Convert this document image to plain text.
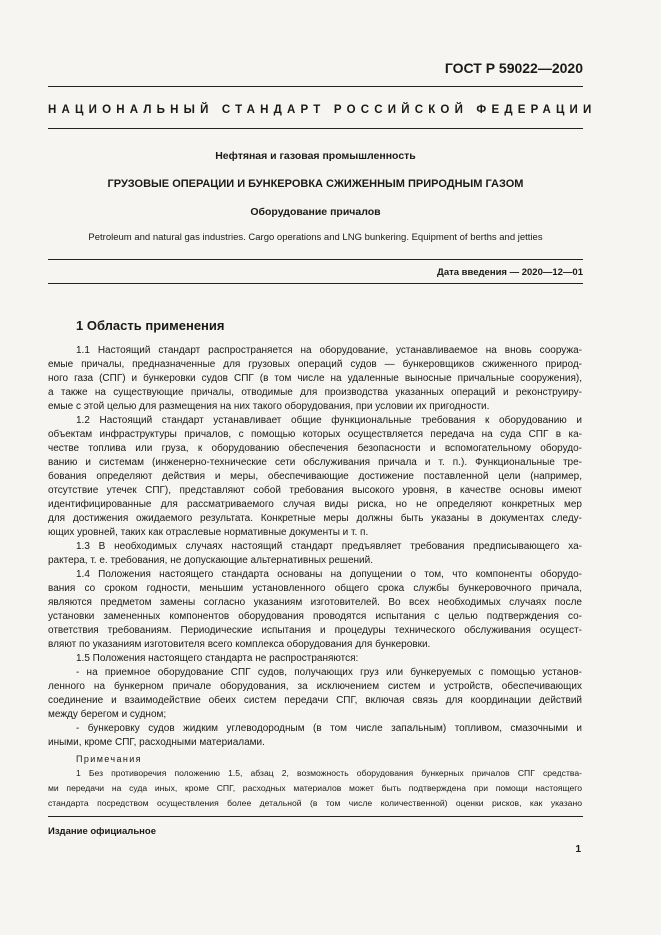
ГОСТ Р 59022—2020
НАЦИОНАЛЬНЫЙ СТАНДАРТ РОССИЙСКОЙ ФЕДЕРАЦИИ
Нефтяная и газовая промышленность
ГРУЗОВЫЕ ОПЕРАЦИИ И БУНКЕРОВКА СЖИЖЕННЫМ ПРИРОДНЫМ ГАЗОМ
Оборудование причалов
Petroleum and natural gas industries. Cargo operations and LNG bunkering. Equipment of berths and jetties
Дата введения — 2020—12—01
1 Область применения
1.1 Настоящий стандарт распространяется на оборудование, устанавливаемое на вновь сооружа-
емые причалы, предназначенные для грузовых операций судов — бункеровщиков сжиженного природ-
ного газа (СПГ) и бункеровки судов СПГ (в том числе на удаленные выносные причальные сооружения),
а также на существующие причалы, отводимые для производства указанных операций и реконструиру-
емые с этой целью для размещения на них такого оборудования, при условии их пригодности.
1.2 Настоящий стандарт устанавливает общие функциональные требования к оборудованию и
объектам инфраструктуры причалов, с помощью которых осуществляется передача на суда СПГ в ка-
честве топлива или груза, к оборудованию обеспечения безопасности и вспомогательному оборудо-
ванию и системам (инженерно-технические сети обслуживания причала и т. п.). Функциональные тре-
бования определяют действия и меры, обеспечивающие достижение поставленной цели (например,
отсутствие утечек СПГ), представляют собой требования высокого уровня, в качестве основы имеют
идентифицированные для рассматриваемого случая виды риска, но не определяют конкретных мер
для достижения ожидаемого результата. Конкретные меры должны быть указаны в документах следу-
ющих уровней, таких как отраслевые нормативные документы и т. п.
1.3 В необходимых случаях настоящий стандарт предъявляет требования предписывающего ха-
рактера, т. е. требования, не допускающие альтернативных решений.
1.4 Положения настоящего стандарта основаны на допущении о том, что компоненты оборудо-
вания со сроком годности, меньшим установленного общего срока службы бункеровочного причала,
являются предметом замены согласно указаниям изготовителей. Во всех необходимых случаях после
установки замененных компонентов оборудования проводятся испытания с целью подтверждения со-
ответствия требованиям. Периодические испытания и процедуры технического обслуживания осущест-
вляют по указаниям изготовителя всего комплекса оборудования для бункеровки.
1.5 Положения настоящего стандарта не распространяются:
- на приемное оборудование СПГ судов, получающих груз или бункеруемых с помощью установ-
ленного на бункерном причале оборудования, за исключением систем и устройств, обеспечивающих
соединение и взаимодействие обеих систем передачи СПГ, включая связь для координации действий
между берегом и судном;
- бункеровку судов жидким углеводородным (в том числе запальным) топливом, смазочными и
иными, кроме СПГ, расходными материалами.
Примечания
1 Без противоречия положению 1.5, абзац 2, возможность оборудования бункерных причалов СПГ средства-
ми передачи на суда иных, кроме СПГ, расходных материалов может быть подтверждена при помощи настоящего
стандарта посредством осуществления более детальной (в том числе количественной) оценки рисков, как указано
Издание официальное
1
